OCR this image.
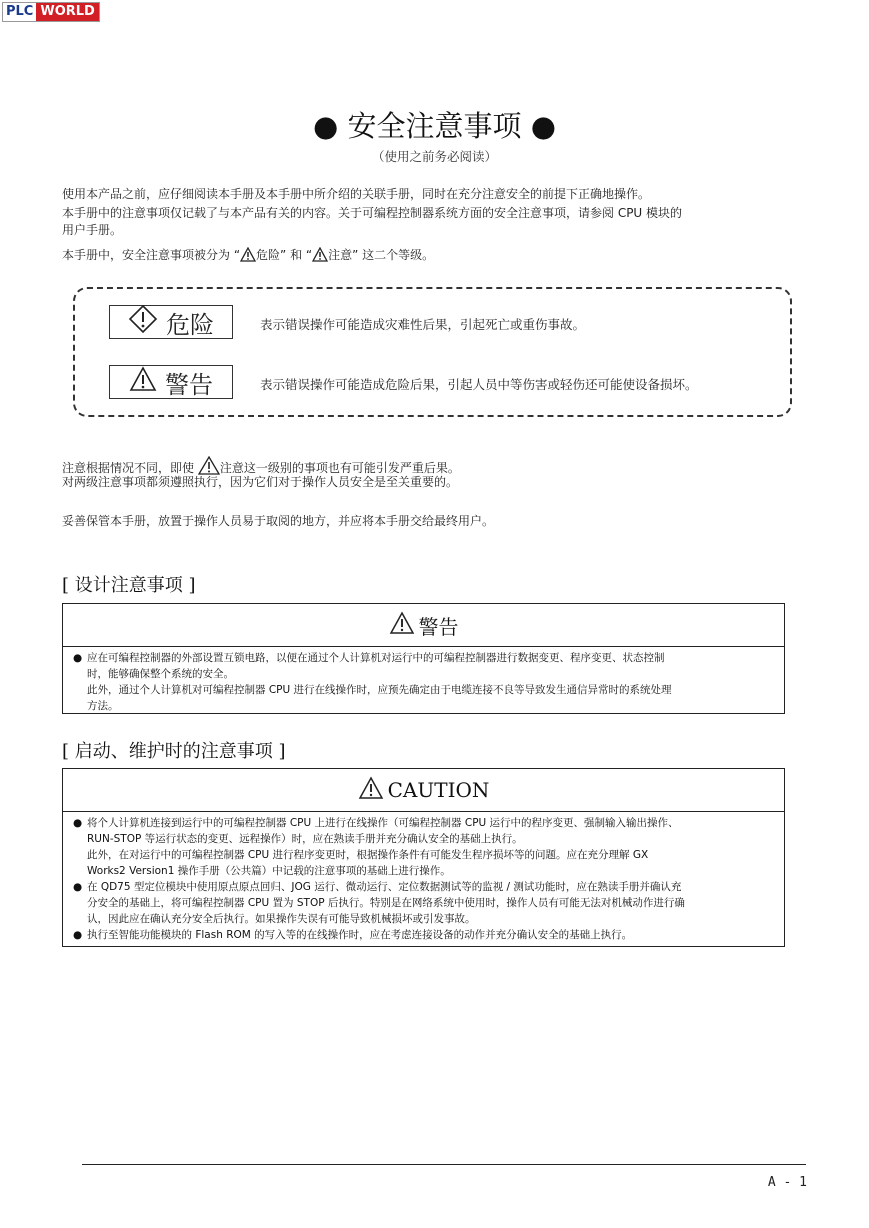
PLC WORLD
● 安全注意事项 ●
（使用之前务必阅读）
使用本产品之前，应仔细阅读本手册及本手册中所介绍的关联手册，同时在充分注意安全的前提下正确地操作。
本手册中的注意事项仅记载了与本产品有关的内容。关于可编程控制器系统方面的安全注意事项，请参阅 CPU 模块的
用户手册。
本手册中，安全注意事项被分为 “ 危险” 和 “ 注意” 这二个等级。
危险	表示错误操作可能造成灾难性后果，引起死亡或重伤事故。
警告	表示错误操作可能造成危险后果，引起人员中等伤害或轻伤还可能使设备损坏。
注意根据情况不同，即使 注意这一级别的事项也有可能引发严重后果。
对两级注意事项都须遵照执行，因为它们对于操作人员安全是至关重要的。
妥善保管本手册，放置于操作人员易于取阅的地方，并应将本手册交给最终用户。
[ 设计注意事项 ]
警告
● 应在可编程控制器的外部设置互锁电路，以便在通过个人计算机对运行中的可编程控制器进行数据变更、程序变更、状态控制
时，能够确保整个系统的安全。
此外，通过个人计算机对可编程控制器 CPU 进行在线操作时，应预先确定由于电缆连接不良等导致发生通信异常时的系统处理
方法。
[ 启动、维护时的注意事项 ]
CAUTION
● 将个人计算机连接到运行中的可编程控制器 CPU 上进行在线操作（可编程控制器 CPU 运行中的程序变更、强制输入输出操作、
RUN-STOP 等运行状态的变更、远程操作）时，应在熟读手册并充分确认安全的基础上执行。
此外，在对运行中的可编程控制器 CPU 进行程序变更时，根据操作条件有可能发生程序损坏等的问题。应在充分理解 GX
Works2 Version1 操作手册（公共篇）中记载的注意事项的基础上进行操作。
● 在 QD75 型定位模块中使用原点原点回归、JOG 运行、微动运行、定位数据测试等的监视 / 测试功能时，应在熟读手册并确认充
分安全的基础上，将可编程控制器 CPU 置为 STOP 后执行。特别是在网络系统中使用时，操作人员有可能无法对机械动作进行确
认，因此应在确认充分安全后执行。如果操作失误有可能导致机械损坏或引发事故。
● 执行至智能功能模块的 Flash ROM 的写入等的在线操作时，应在考虑连接设备的动作并充分确认安全的基础上执行。
A - 1
